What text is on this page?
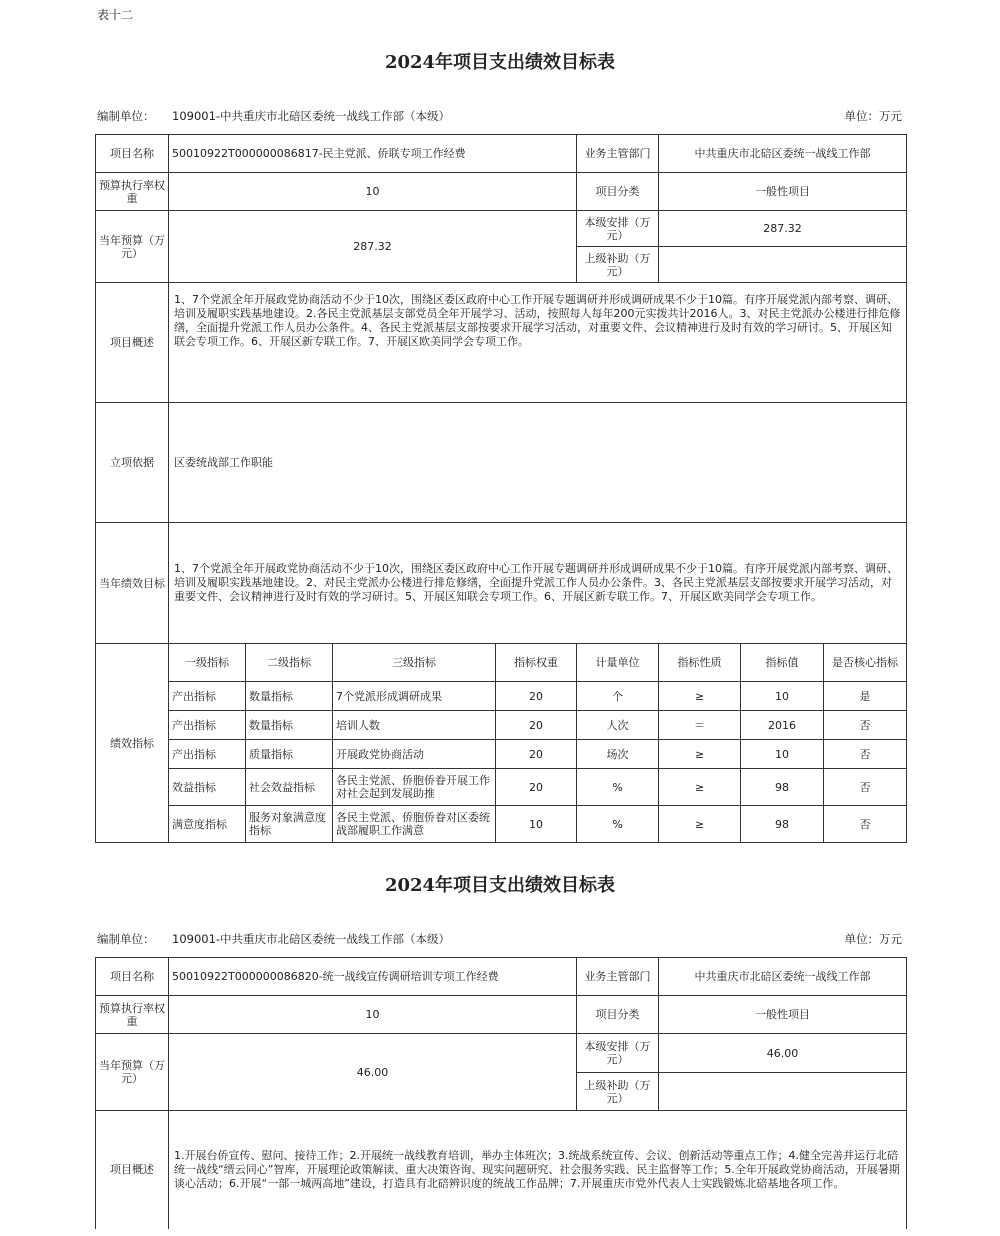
表十二
2024年项目支出绩效目标表
编制单位： 109001-中共重庆市北碚区委统一战线工作部（本级）	单位：万元
项目名称	50010922T000000086817-民主党派、侨联专项工作经费				业务主管部门	中共重庆市北碚区委统一战线工作部		
预算执行率权重	10				项目分类	一般性项目		
当年预算（万元）	287.32				本级安排（万元）	287.32		
					上级补助（万元）			
项目概述	1、7个党派全年开展政党协商活动不少于10次，围绕区委区政府中心工作开展专题调研并形成调研成果不少于10篇。有序开展党派内部考察、调研、培训及履职实践基地建设。2.各民主党派基层支部党员全年开展学习、活动，按照每人每年200元实拨共计2016人。3、对民主党派办公楼进行排危修缮，全面提升党派工作人员办公条件。4、各民主党派基层支部按要求开展学习活动，对重要文件、会议精神进行及时有效的学习研讨。5、开展区知联会专项工作。6、开展区新专联工作。7、开展区欧美同学会专项工作。							
立项依据	区委统战部工作职能							
当年绩效目标	1、7个党派全年开展政党协商活动不少于10次，围绕区委区政府中心工作开展专题调研并形成调研成果不少于10篇。有序开展党派内部考察、调研、培训及履职实践基地建设。2、对民主党派办公楼进行排危修缮，全面提升党派工作人员办公条件。3、各民主党派基层支部按要求开展学习活动，对重要文件、会议精神进行及时有效的学习研讨。5、开展区知联会专项工作。6、开展区新专联工作。7、开展区欧美同学会专项工作。							
绩效指标	一级指标	二级指标	三级指标	指标权重	计量单位	指标性质	指标值	是否核心指标
	产出指标	数量指标	7个党派形成调研成果	20	个	≥	10	是
	产出指标	数量指标	培训人数	20	人次	＝	2016	否
	产出指标	质量指标	开展政党协商活动	20	场次	≥	10	否
	效益指标	社会效益指标	各民主党派、侨胞侨眷开展工作对社会起到发展助推	20	%	≥	98	否
	满意度指标	服务对象满意度指标	各民主党派、侨胞侨眷对区委统战部履职工作满意	10	%	≥	98	否
2024年项目支出绩效目标表
编制单位： 109001-中共重庆市北碚区委统一战线工作部（本级）	单位：万元
项目名称	50010922T000000086820-统一战线宣传调研培训专项工作经费	业务主管部门	中共重庆市北碚区委统一战线工作部
预算执行率权重	10	项目分类	一般性项目
当年预算（万元）	46.00	本级安排（万元）	46.00
		上级补助（万元）	
项目概述	1.开展台侨宣传、慰问、接待工作；2.开展统一战线教育培训，举办主体班次；3.统战系统宣传、会议、创新活动等重点工作；4.健全完善并运行北碚统一战线“缙云同心”智库，开展理论政策解读、重大决策咨询、现实问题研究、社会服务实践、民主监督等工作；5.全年开展政党协商活动，开展暑期谈心活动；6.开展“一部一城两高地”建设，打造具有北碚辨识度的统战工作品牌；7.开展重庆市党外代表人士实践锻炼北碚基地各项工作。		
